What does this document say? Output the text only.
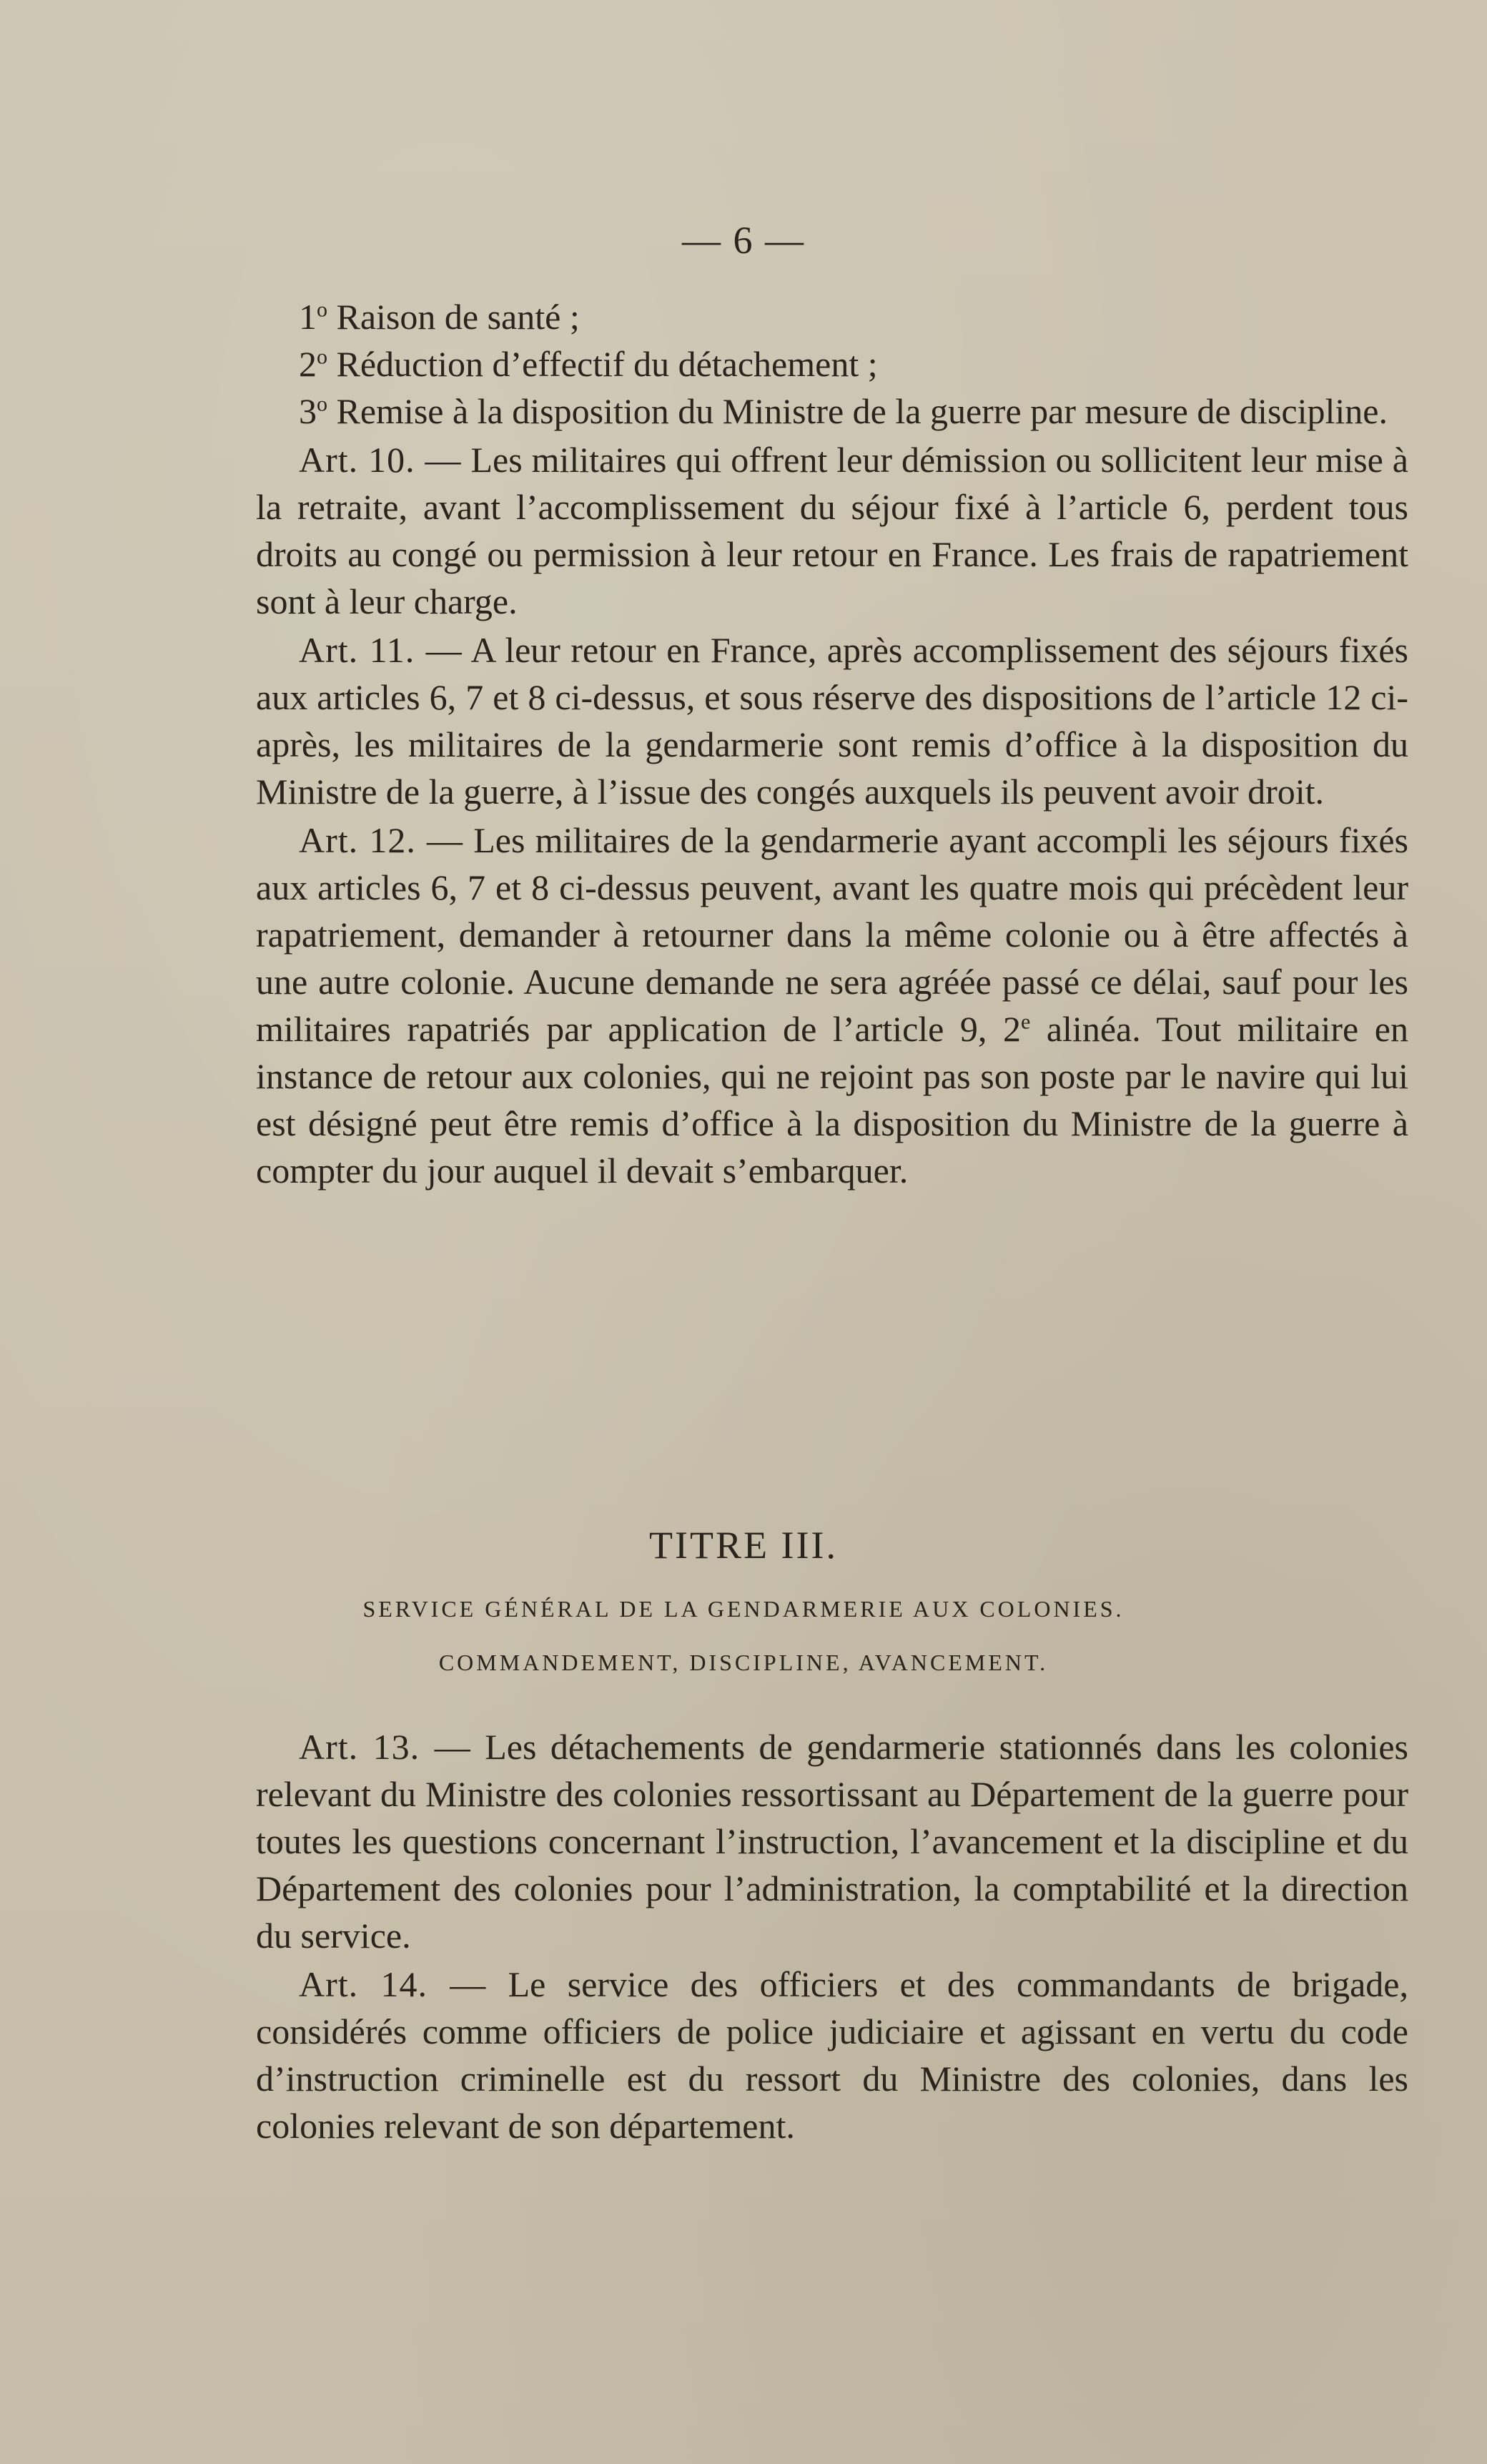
— 6 —

1$^o$ Raison de santé ;

2$^o$ Réduction d’effectif du détachement ;

3$^o$ Remise à la disposition du Ministre de la guerre par mesure de discipline.

Art. 10. — Les militaires qui offrent leur démission ou sollicitent leur mise à la retraite, avant l’accomplissement du séjour fixé à l’article 6, perdent tous droits au congé ou permission à leur retour en France. Les frais de rapatriement sont à leur charge.

Art. 11. — A leur retour en France, après accomplissement des séjours fixés aux articles 6, 7 et 8 ci-dessus, et sous réserve des dispositions de l’article 12 ci-après, les militaires de la gendarmerie sont remis d’office à la disposition du Ministre de la guerre, à l’issue des congés auxquels ils peuvent avoir droit.

Art. 12. — Les militaires de la gendarmerie ayant accompli les séjours fixés aux articles 6, 7 et 8 ci-dessus peuvent, avant les quatre mois qui précèdent leur rapatriement, demander à retourner dans la même colonie ou à être affectés à une autre colonie. Aucune demande ne sera agréée passé ce délai, sauf pour les militaires rapatriés par application de l’article 9, 2e alinéa. Tout militaire en instance de retour aux colonies, qui ne rejoint pas son poste par le navire qui lui est désigné peut être remis d’office à la disposition du Ministre de la guerre à compter du jour auquel il devait s’embarquer.

TITRE III.
SERVICE GÉNÉRAL DE LA GENDARMERIE AUX COLONIES.
COMMANDEMENT, DISCIPLINE, AVANCEMENT.

Art. 13. — Les détachements de gendarmerie stationnés dans les colonies relevant du Ministre des colonies ressortissant au Département de la guerre pour toutes les questions concernant l’instruction, l’avancement et la discipline et du Département des colonies pour l’administration, la comptabilité et la direction du service.

Art. 14. — Le service des officiers et des commandants de brigade, considérés comme officiers de police judiciaire et agissant en vertu du code d’instruction criminelle est du ressort du Ministre des colonies, dans les colonies relevant de son département.
